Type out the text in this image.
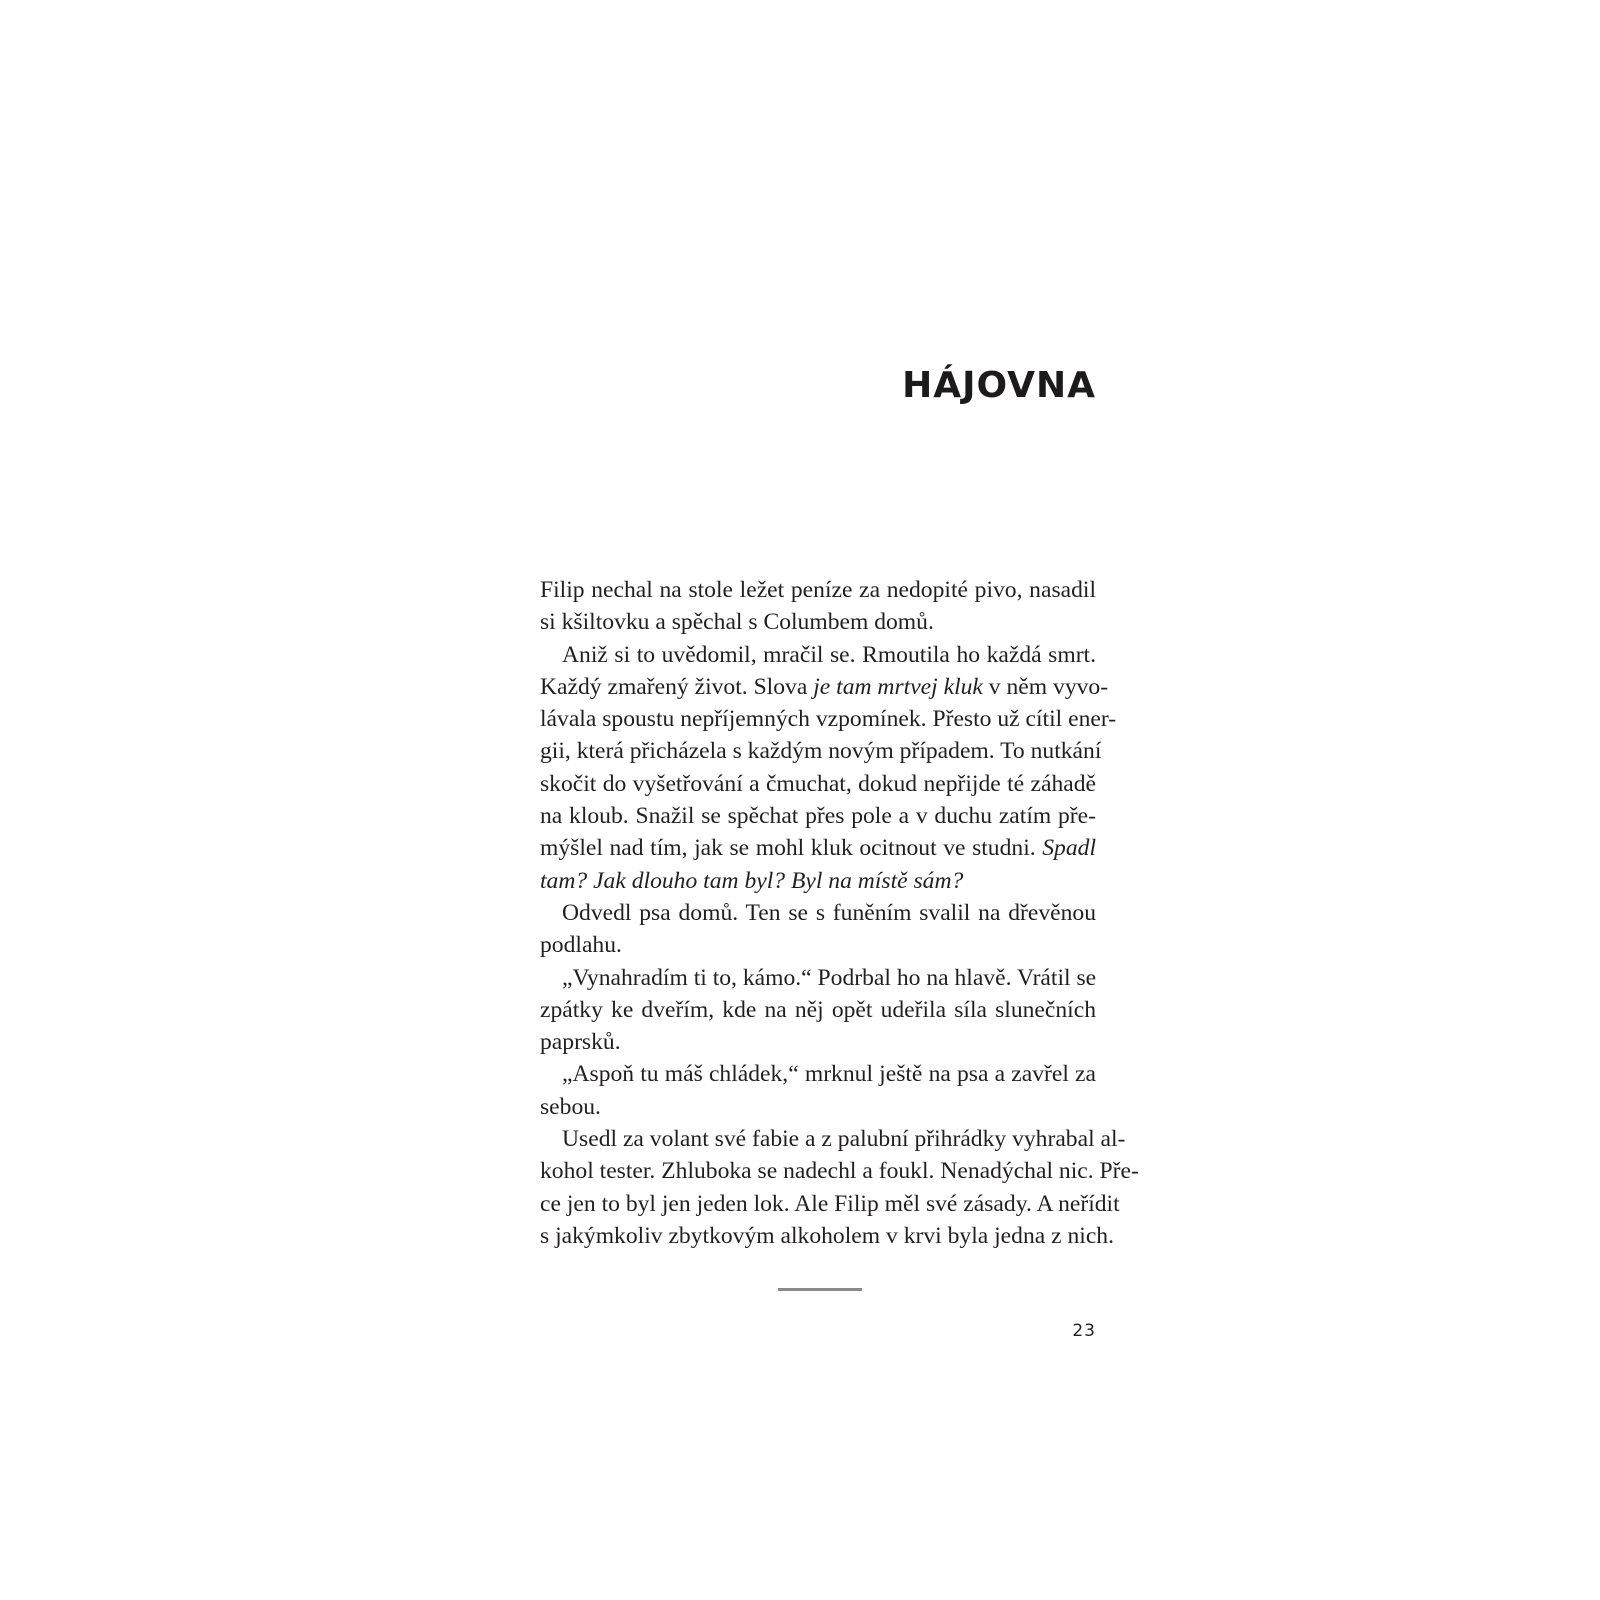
HÁJOVNA
Filip nechal na stole ležet peníze za nedopité pivo, nasadil
si kšiltovku a spěchal s Columbem domů.
Aniž si to uvědomil, mračil se. Rmoutila ho každá smrt.
Každý zmařený život. Slova je tam mrtvej kluk v něm vyvo-
lávala spoustu nepříjemných vzpomínek. Přesto už cítil ener-
gii, která přicházela s každým novým případem. To nutkání
skočit do vyšetřování a čmuchat, dokud nepřijde té záhadě
na kloub. Snažil se spěchat přes pole a v duchu zatím pře-
mýšlel nad tím, jak se mohl kluk ocitnout ve studni. Spadl
tam? Jak dlouho tam byl? Byl na místě sám?
Odvedl psa domů. Ten se s funěním svalil na dřevěnou
podlahu.
„Vynahradím ti to, kámo.“ Podrbal ho na hlavě. Vrátil se
zpátky ke dveřím, kde na něj opět udeřila síla slunečních
paprsků.
„Aspoň tu máš chládek,“ mrknul ještě na psa a zavřel za
sebou.
Usedl za volant své fabie a z palubní přihrádky vyhrabal al-
kohol tester. Zhluboka se nadechl a foukl. Nenadýchal nic. Pře-
ce jen to byl jen jeden lok. Ale Filip měl své zásady. A neřídit
s jakýmkoliv zbytkovým alkoholem v krvi byla jedna z nich.
23
